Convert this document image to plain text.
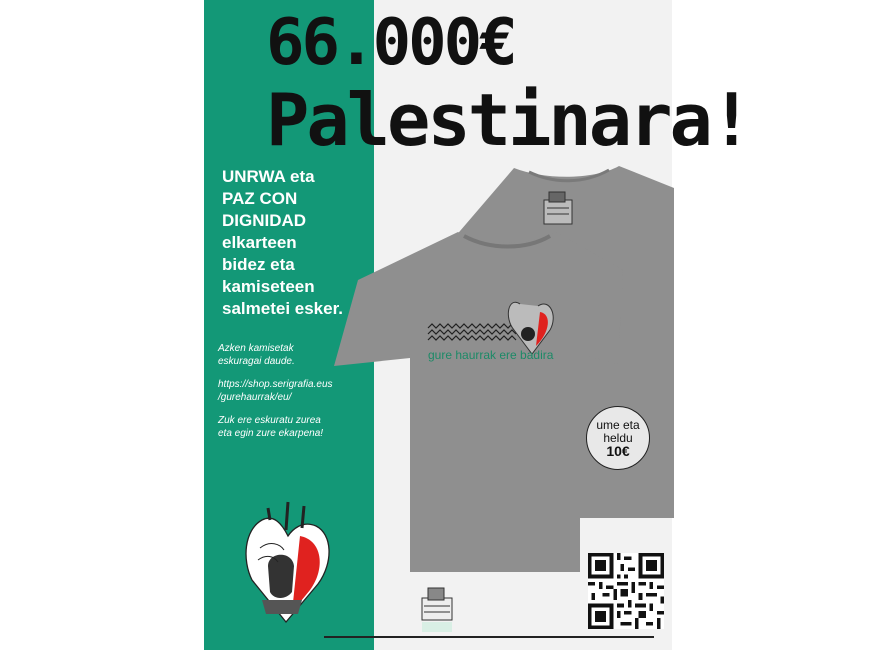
gure haurrak ere badira
66.000€
Palestinara!
UNRWA eta
PAZ CON
DIGNIDAD
elkarteen
bidez eta
kamiseteen
salmetei esker.

Azken kamisetak
eskuragai daude.

https://shop.serigrafia.eus
/gurehaurrak/eu/

Zuk ere eskuratu zurea
eta egin zure ekarpena!

ume eta
heldu
10€
